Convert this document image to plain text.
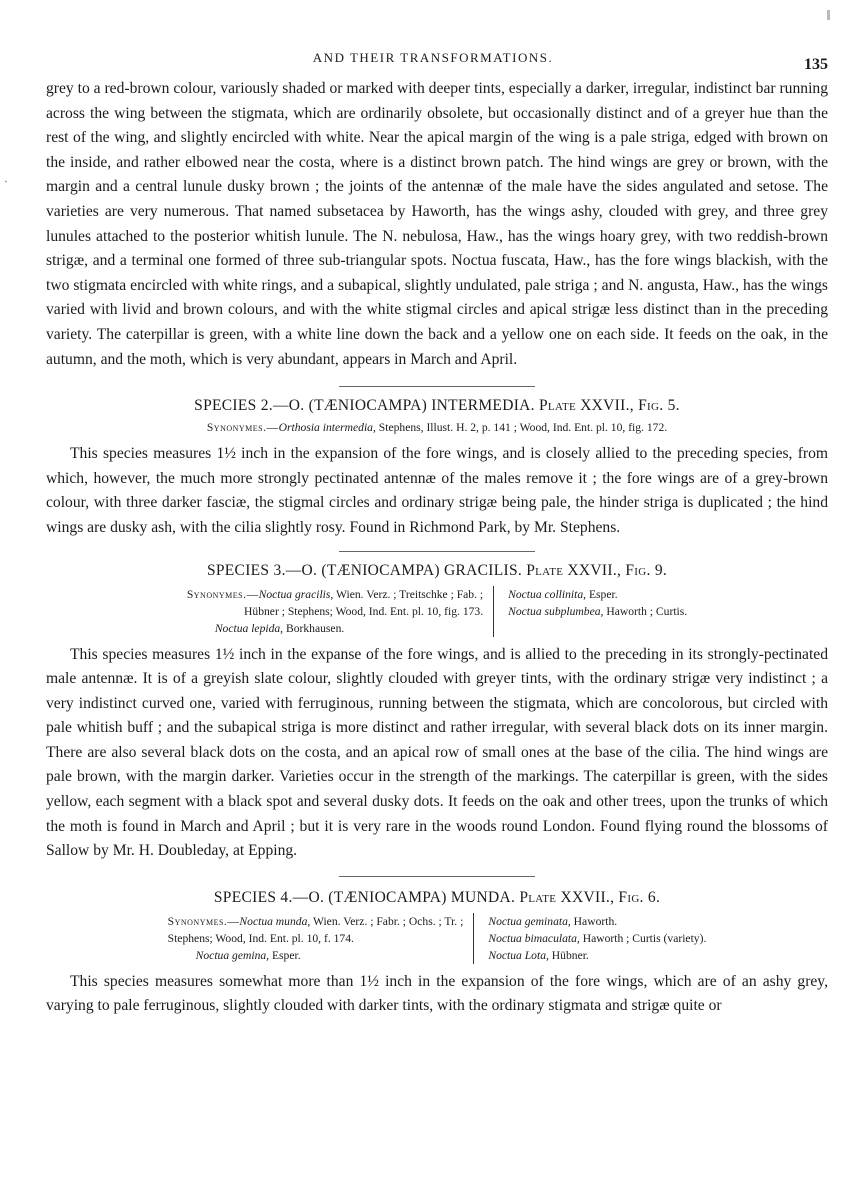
ˋ
AND THEIR TRANSFORMATIONS.	135

grey to a red-brown colour, variously shaded or marked with deeper tints, especially a darker, irregular, indistinct bar running across the wing between the stigmata, which are ordinarily obsolete, but occasionally distinct and of a greyer hue than the rest of the wing, and slightly encircled with white. Near the apical margin of the wing is a pale striga, edged with brown on the inside, and rather elbowed near the costa, where is a distinct brown patch. The hind wings are grey or brown, with the margin and a central lunule dusky brown ; the joints of the antennæ of the male have the sides angulated and setose. The varieties are very numerous. That named subsetacea by Haworth, has the wings ashy, clouded with grey, and three grey lunules attached to the posterior whitish lunule. The N. nebulosa, Haw., has the wings hoary grey, with two reddish-brown strigæ, and a terminal one formed of three sub-triangular spots. Noctua fuscata, Haw., has the fore wings blackish, with the two stigmata encircled with white rings, and a subapical, slightly undulated, pale striga ; and N. angusta, Haw., has the wings varied with livid and brown colours, and with the white stigmal circles and apical strigæ less distinct than in the preceding variety. The caterpillar is green, with a white line down the back and a yellow one on each side. It feeds on the oak, in the autumn, and the moth, which is very abundant, appears in March and April.

SPECIES 2.—O. (TÆNIOCAMPA) INTERMEDIA. Plate XXVII., Fig. 5.

Synonymes.—Orthosia intermedia, Stephens, Illust. H. 2, p. 141 ; Wood, Ind. Ent. pl. 10, fig. 172.

This species measures 1½ inch in the expansion of the fore wings, and is closely allied to the preceding species, from which, however, the much more strongly pectinated antennæ of the males remove it ; the fore wings are of a grey-brown colour, with three darker fasciæ, the stigmal circles and ordinary strigæ being pale, the hinder striga is duplicated ; the hind wings are dusky ash, with the cilia slightly rosy. Found in Richmond Park, by Mr. Stephens.

SPECIES 3.—O. (TÆNIOCAMPA) GRACILIS. Plate XXVII., Fig. 9.

Synonymes.—Noctua gracilis, Wien. Verz. ; Treitschke ; Fab. ;
Hübner ; Stephens; Wood, Ind. Ent. pl. 10, fig. 173.
Noctua lepida, Borkhausen.
Noctua collinita, Esper.
Noctua subplumbea, Haworth ; Curtis.

This species measures 1½ inch in the expanse of the fore wings, and is allied to the preceding in its strongly-pectinated male antennæ. It is of a greyish slate colour, slightly clouded with greyer tints, with the ordinary strigæ very indistinct ; a very indistinct curved one, varied with ferruginous, running between the stigmata, which are concolorous, but circled with pale whitish buff ; and the subapical striga is more distinct and rather irregular, with several black dots on its inner margin. There are also several black dots on the costa, and an apical row of small ones at the base of the cilia. The hind wings are pale brown, with the margin darker. Varieties occur in the strength of the markings. The caterpillar is green, with the sides yellow, each segment with a black spot and several dusky dots. It feeds on the oak and other trees, upon the trunks of which the moth is found in March and April ; but it is very rare in the woods round London. Found flying round the blossoms of Sallow by Mr. H. Doubleday, at Epping.

SPECIES 4.—O. (TÆNIOCAMPA) MUNDA. Plate XXVII., Fig. 6.

Synonymes.—Noctua munda, Wien. Verz. ; Fabr. ; Ochs. ; Tr. ;
Stephens; Wood, Ind. Ent. pl. 10, f. 174.
Noctua gemina, Esper.
Noctua geminata, Haworth.
Noctua bimaculata, Haworth ; Curtis (variety).
Noctua Lota, Hübner.

This species measures somewhat more than 1½ inch in the expansion of the fore wings, which are of an ashy grey, varying to pale ferruginous, slightly clouded with darker tints, with the ordinary stigmata and strigæ quite or
